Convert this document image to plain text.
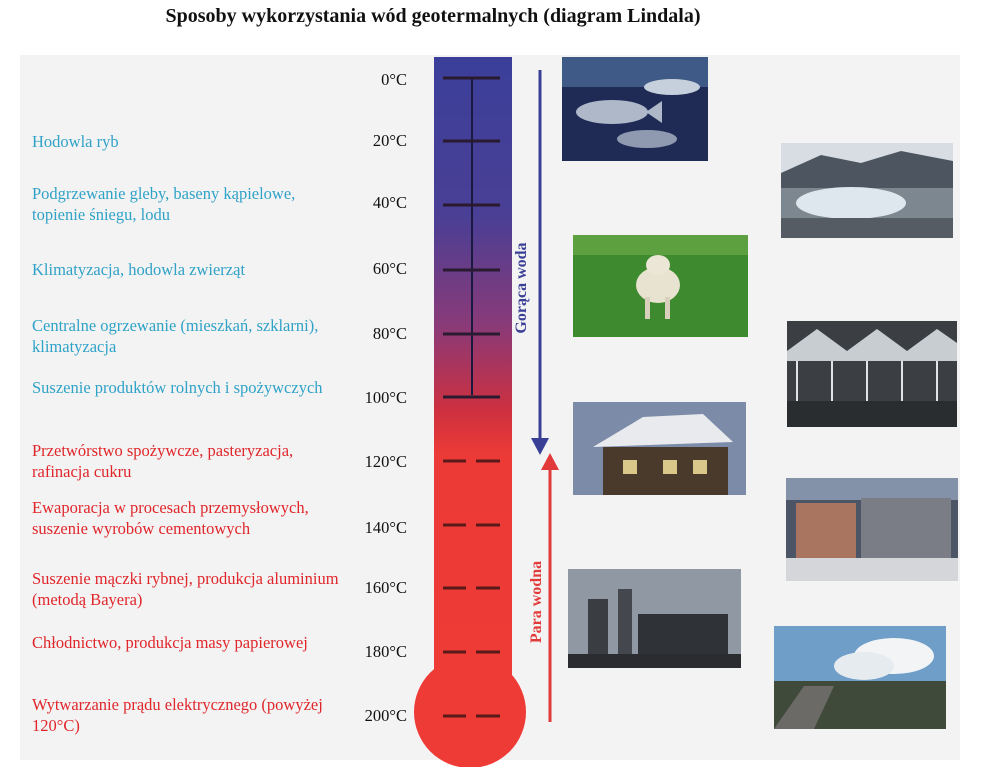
Sposoby wykorzystania wód geotermalnych (diagram Lindala)
Hodowla ryb
Podgrzewanie gleby, baseny kąpielowe, topienie śniegu, lodu
Klimatyzacja, hodowla zwierząt
Centralne ogrzewanie (mieszkań, szklarni), klimatyzacja
Suszenie produktów rolnych i spożywczych
Przetwórstwo spożywcze, pasteryzacja, rafinacja cukru
Ewaporacja w procesach przemysłowych, suszenie wyrobów cementowych
Suszenie mączki rybnej, produkcja aluminium (metodą Bayera)
Chłodnictwo, produkcja masy papierowej
Wytwarzanie prądu elektrycznego (powyżej 120°C)
0°C
20°C
40°C
60°C
80°C
100°C
120°C
140°C
160°C
180°C
200°C
Gorąca woda
Para wodna
